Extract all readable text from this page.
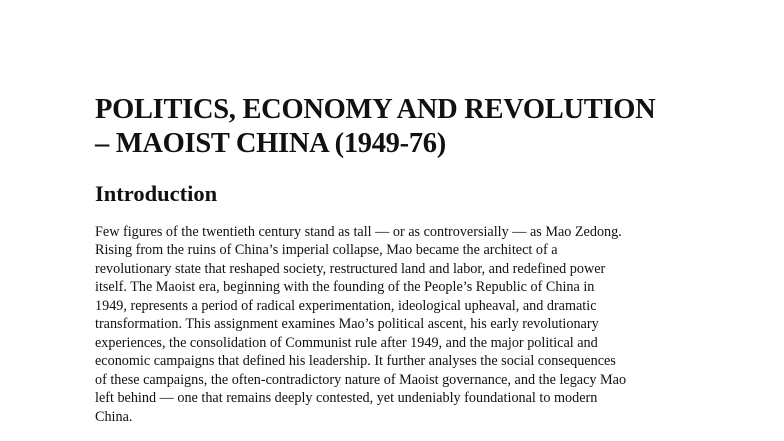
POLITICS, ECONOMY AND REVOLUTION
– MAOIST CHINA (1949-76)
Introduction
Few figures of the twentieth century stand as tall — or as controversially — as Mao Zedong.
Rising from the ruins of China’s imperial collapse, Mao became the architect of a
revolutionary state that reshaped society, restructured land and labor, and redefined power
itself. The Maoist era, beginning with the founding of the People’s Republic of China in
1949, represents a period of radical experimentation, ideological upheaval, and dramatic
transformation. This assignment examines Mao’s political ascent, his early revolutionary
experiences, the consolidation of Communist rule after 1949, and the major political and
economic campaigns that defined his leadership. It further analyses the social consequences
of these campaigns, the often-contradictory nature of Maoist governance, and the legacy Mao
left behind — one that remains deeply contested, yet undeniably foundational to modern
China.
